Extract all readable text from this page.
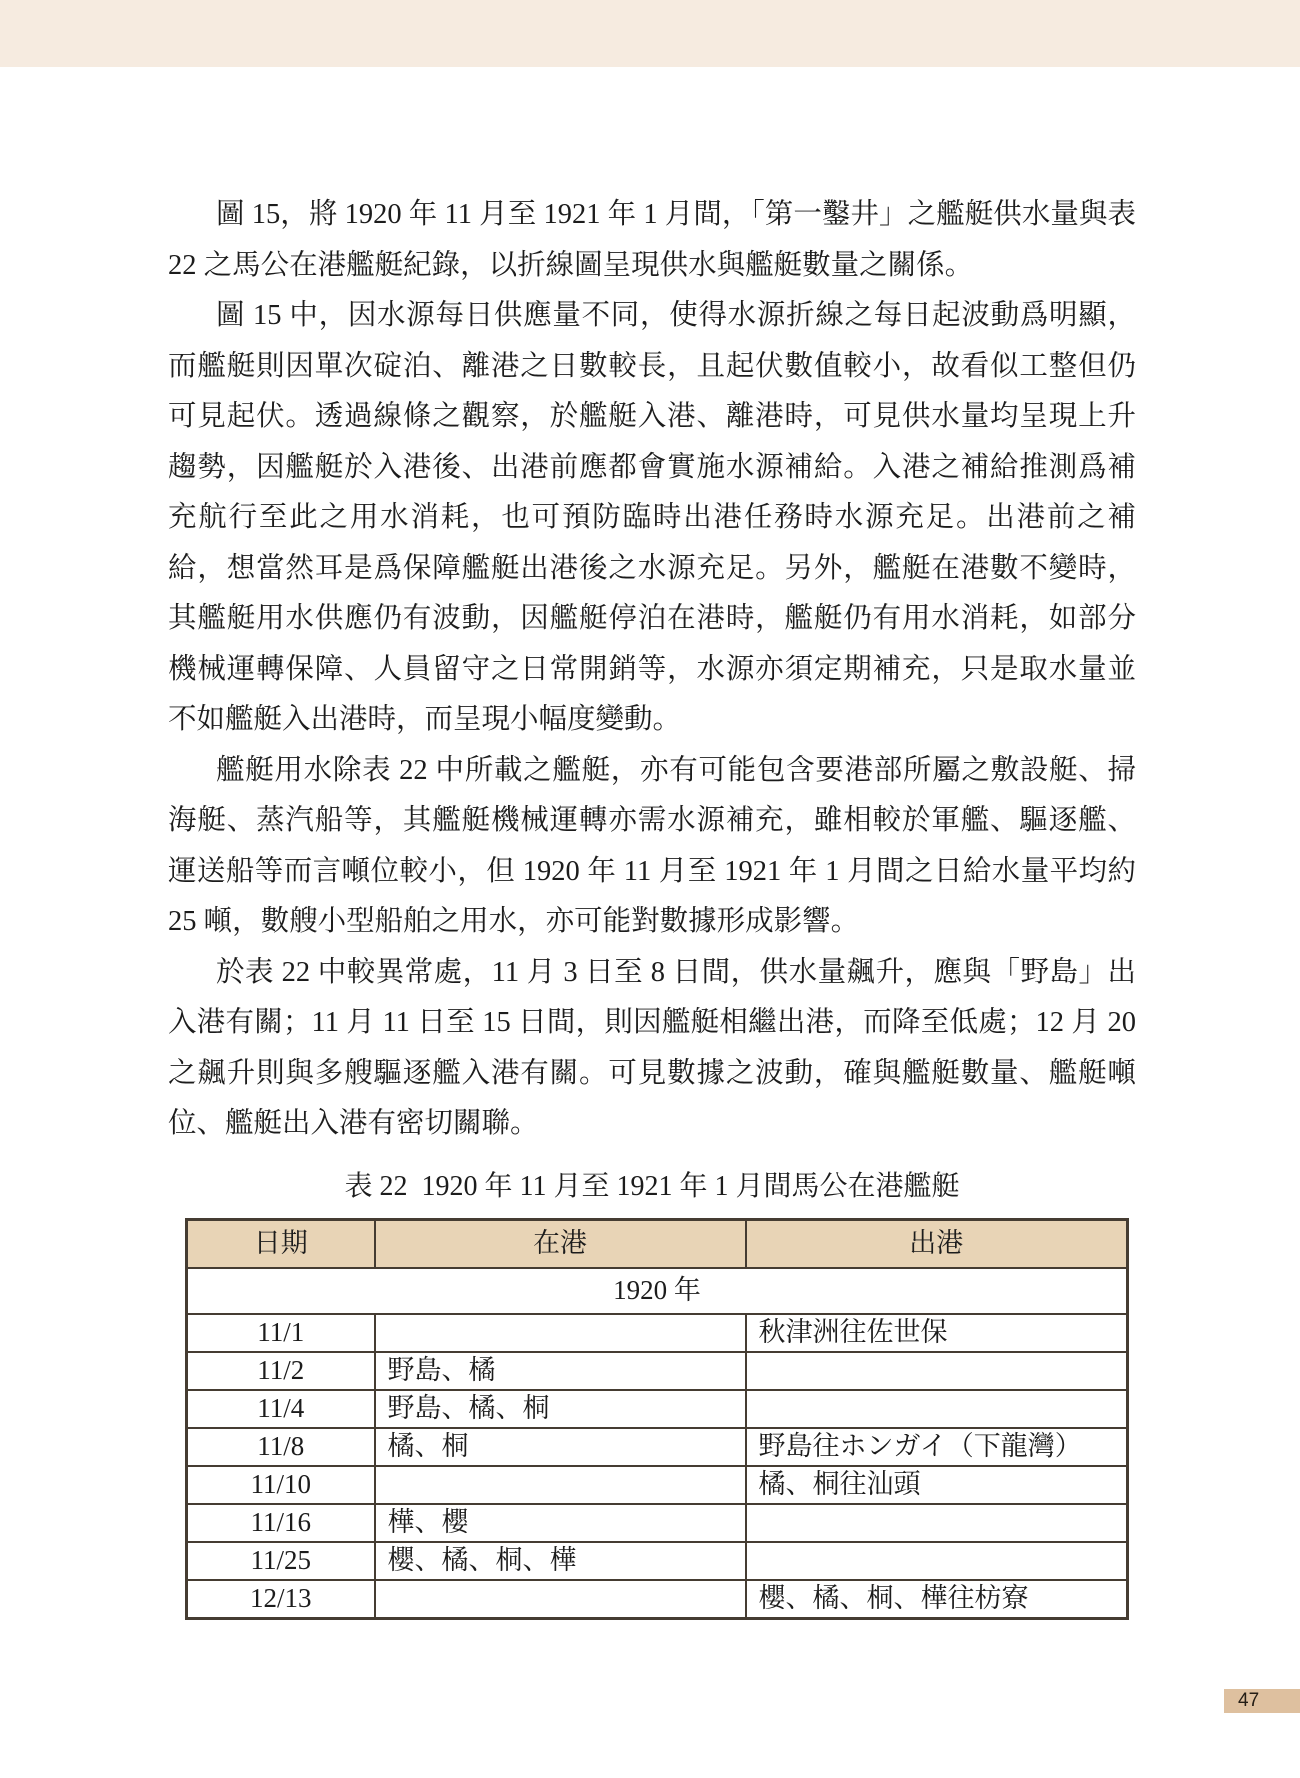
圖 15，將 1920 年 11 月至 1921 年 1 月間，「第一鑿井」之艦艇供水量與表 22 之馬公在港艦艇紀錄，以折線圖呈現供水與艦艇數量之關係。

圖 15 中，因水源每日供應量不同，使得水源折線之每日起波動爲明顯，而艦艇則因單次碇泊、離港之日數較長，且起伏數值較小，故看似工整但仍可見起伏。透過線條之觀察，於艦艇入港、離港時，可見供水量均呈現上升趨勢，因艦艇於入港後、出港前應都會實施水源補給。入港之補給推測爲補充航行至此之用水消耗，也可預防臨時出港任務時水源充足。出港前之補給，想當然耳是爲保障艦艇出港後之水源充足。另外，艦艇在港數不變時，其艦艇用水供應仍有波動，因艦艇停泊在港時，艦艇仍有用水消耗，如部分機械運轉保障、人員留守之日常開銷等，水源亦須定期補充，只是取水量並不如艦艇入出港時，而呈現小幅度變動。

艦艇用水除表 22 中所載之艦艇，亦有可能包含要港部所屬之敷設艇、掃海艇、蒸汽船等，其艦艇機械運轉亦需水源補充，雖相較於軍艦、驅逐艦、運送船等而言噸位較小，但 1920 年 11 月至 1921 年 1 月間之日給水量平均約 25 噸，數艘小型船舶之用水，亦可能對數據形成影響。

於表 22 中較異常處，11 月 3 日至 8 日間，供水量飆升，應與「野島」出入港有關；11 月 11 日至 15 日間，則因艦艇相繼出港，而降至低處；12 月 20 之飆升則與多艘驅逐艦入港有關。可見數據之波動，確與艦艇數量、艦艇噸位、艦艇出入港有密切關聯。

表 22  1920 年 11 月至 1921 年 1 月間馬公在港艦艇
日期	在港	出港
1920 年		
11/1		秋津洲往佐世保
11/2	野島、橘	
11/4	野島、橘、桐	
11/8	橘、桐	野島往ホンガイ（下龍灣）
11/10		橘、桐往汕頭
11/16	樺、櫻	
11/25	櫻、橘、桐、樺	
12/13		櫻、橘、桐、樺往枋寮
47
